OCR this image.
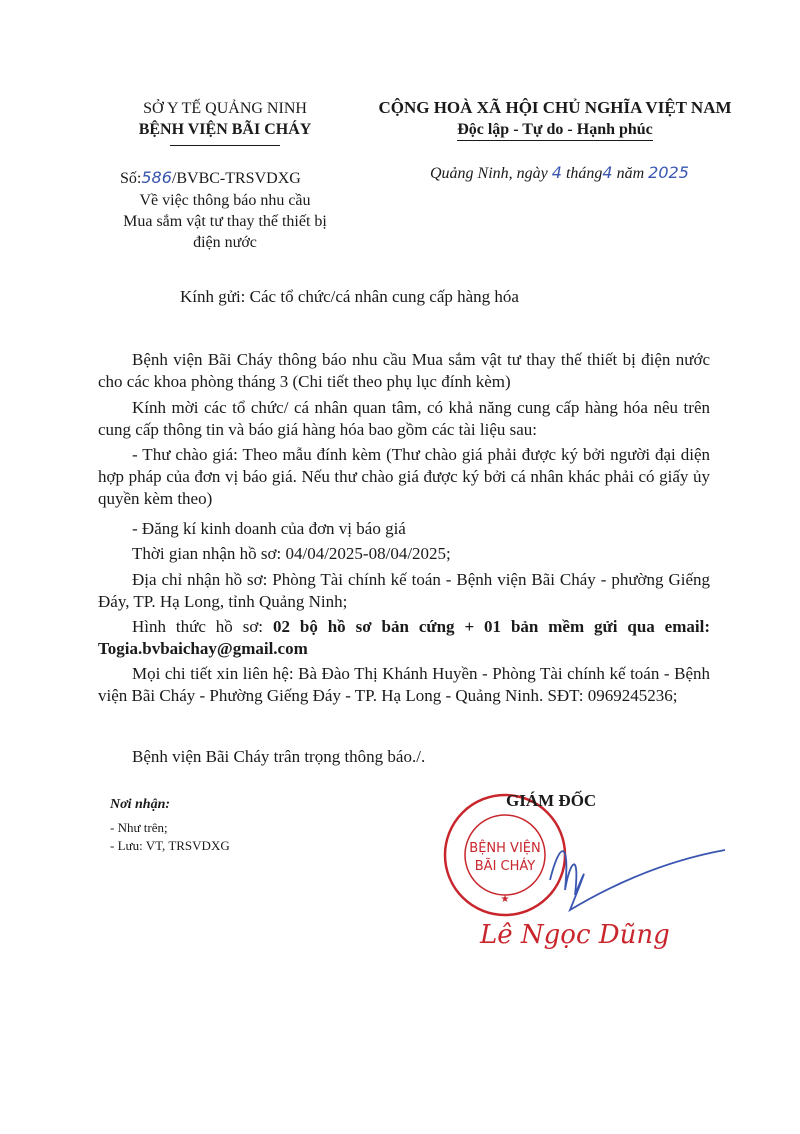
SỞ Y TẾ QUẢNG NINH
BỆNH VIỆN BÃI CHÁY
Số:586/BVBC-TRSVDXG
Về việc thông báo nhu cầu
Mua sắm vật tư thay thế thiết bị
điện nước
CỘNG HOÀ XÃ HỘI CHỦ NGHĨA VIỆT NAM
Độc lập - Tự do - Hạnh phúc
Quảng Ninh, ngày 4 tháng4 năm 2025
Kính gửi: Các tổ chức/cá nhân cung cấp hàng hóa
Bệnh viện Bãi Cháy thông báo nhu cầu Mua sắm vật tư thay thế thiết bị điện nước cho các khoa phòng tháng 3 (Chi tiết theo phụ lục đính kèm)
Kính mời các tổ chức/ cá nhân quan tâm, có khả năng cung cấp hàng hóa nêu trên cung cấp thông tin và báo giá hàng hóa bao gồm các tài liệu sau:
- Thư chào giá: Theo mẫu đính kèm (Thư chào giá phải được ký bởi người đại diện hợp pháp của đơn vị báo giá. Nếu thư chào giá được ký bởi cá nhân khác phải có giấy ủy quyền kèm theo)
- Đăng kí kinh doanh của đơn vị báo giá
Thời gian nhận hồ sơ: 04/04/2025-08/04/2025;
Địa chỉ nhận hồ sơ: Phòng Tài chính kế toán - Bệnh viện Bãi Cháy - phường Giếng Đáy, TP. Hạ Long, tỉnh Quảng Ninh;
Hình thức hồ sơ: 02 bộ hồ sơ bản cứng + 01 bản mềm gửi qua email: Togia.bvbaichay@gmail.com
Mọi chi tiết xin liên hệ: Bà Đào Thị Khánh Huyền - Phòng Tài chính kế toán - Bệnh viện Bãi Cháy - Phường Giếng Đáy - TP. Hạ Long - Quảng Ninh. SĐT: 0969245236;
Bệnh viện Bãi Cháy trân trọng thông báo./.
Nơi nhận:
- Như trên;
- Lưu: VT, TRSVDXG	BỆNH VIỆN
BÃI CHÁY
★
GIÁM ĐỐC
Lê Ngọc Dũng
